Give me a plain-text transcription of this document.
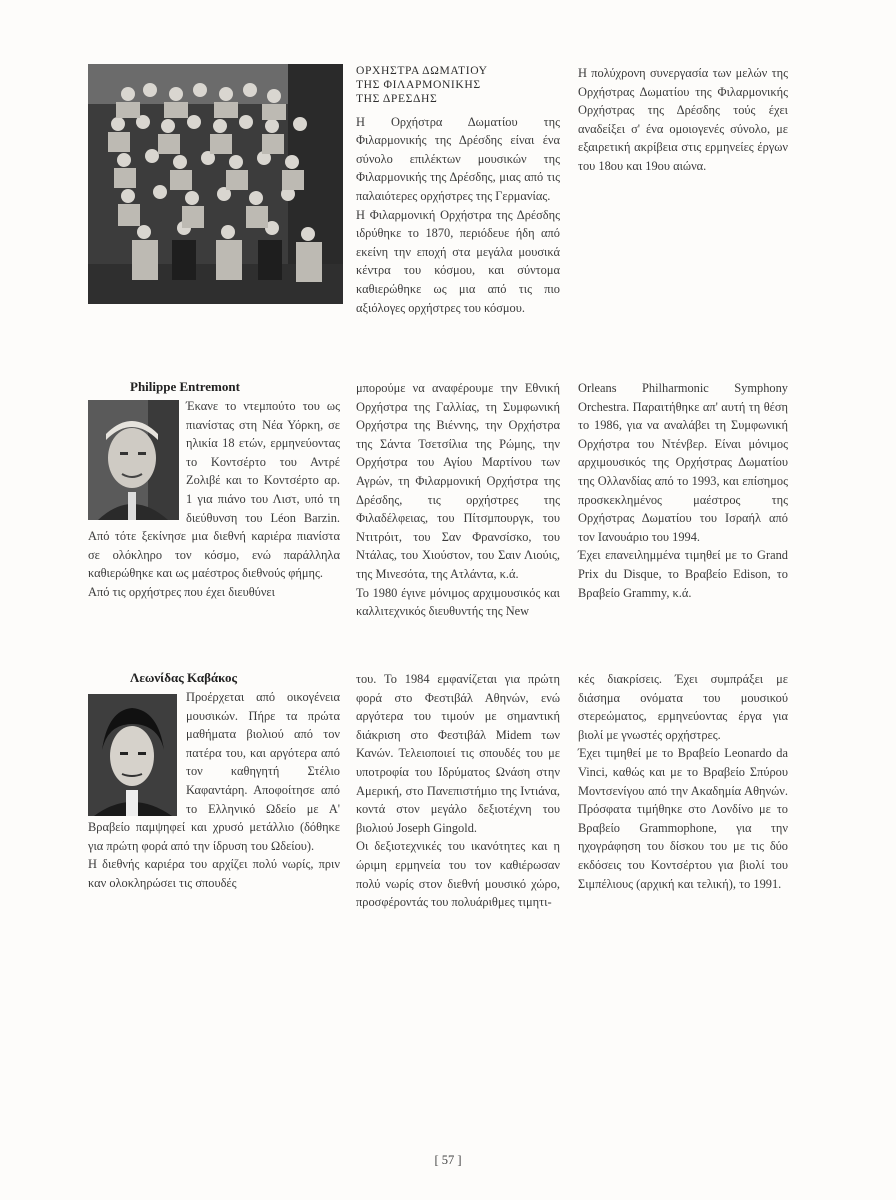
ΟΡΧΗΣΤΡΑ ΔΩΜΑΤΙΟΥ
ΤΗΣ ΦΙΛΑΡΜΟΝΙΚΗΣ
ΤΗΣ ΔΡΕΣΔΗΣ

Η Ορχήστρα Δωματίου της Φιλαρμονικής της Δρέσδης είναι ένα σύνολο επιλέκτων μουσικών της Φιλαρμονικής της Δρέσδης, μιας από τις παλαιότερες ορχήστρες της Γερμανίας.

Η Φιλαρμονική Ορχήστρα της Δρέσδης ιδρύθηκε το 1870, περιόδευε ήδη από εκείνη την εποχή στα μεγάλα μουσικά κέντρα του κόσμου, και σύντομα καθιερώθηκε ως μια από τις πιο αξιόλογες ορχήστρες του κόσμου.

Η πολύχρονη συνεργασία των μελών της Ορχήστρας Δωματίου της Φιλαρμονικής Ορχήστρας της Δρέσδης τούς έχει αναδείξει σ' ένα ομοιογενές σύνολο, με εξαιρετική ακρίβεια στις ερμηνείες έργων του 18ου και 19ου αιώνα.

Philippe Entremont

Έκανε το ντεμπούτο του ως πιανίστας στη Νέα Υόρκη, σε ηλικία 18 ετών, ερμηνεύοντας το Κοντσέρτο του Αντρέ Ζολιβέ και το Κοντσέρτο αρ. 1 για πιάνο του Λιστ, υπό τη διεύθυνση του Léon Barzin. Από τότε ξεκίνησε μια διεθνή καριέρα πιανίστα σε ολόκληρο τον κόσμο, ενώ παράλληλα καθιερώθηκε και ως μαέστρος διεθνούς φήμης.

Από τις ορχήστρες που έχει διευθύνει

μπορούμε να αναφέρουμε την Εθνική Ορχήστρα της Γαλλίας, τη Συμφωνική Ορχήστρα της Βιέννης, την Ορχήστρα της Σάντα Τσετσίλια της Ρώμης, την Ορχήστρα του Αγίου Μαρτίνου των Αγρών, τη Φιλαρμονική Ορχήστρα της Δρέσδης, τις ορχήστρες της Φιλαδέλφειας, του Πίτσμπουργκ, του Ντιτρόιτ, του Σαν Φρανσίσκο, του Ντάλας, του Χιούστον, του Σαιν Λιούις, της Μινεσότα, της Ατλάντα, κ.ά.

Το 1980 έγινε μόνιμος αρχιμουσικός και καλλιτεχνικός διευθυντής της New

Orleans Philharmonic Symphony Orchestra. Παραιτήθηκε απ' αυτή τη θέση το 1986, για να αναλάβει τη Συμφωνική Ορχήστρα του Ντένβερ. Είναι μόνιμος αρχιμουσικός της Ορχήστρας Δωματίου της Ολλανδίας από το 1993, και επίσημος προσκεκλημένος μαέστρος της Ορχήστρας Δωματίου του Ισραήλ από τον Ιανουάριο του 1994.

Έχει επανειλημμένα τιμηθεί με το Grand Prix du Disque, το Βραβείο Edison, το Βραβείο Grammy, κ.ά.

Λεωνίδας Καβάκος

Προέρχεται από οικογένεια μουσικών. Πήρε τα πρώτα μαθήματα βιολιού από τον πατέρα του, και αργότερα από τον καθηγητή Στέλιο Καφαντάρη. Αποφοίτησε από το Ελληνικό Ωδείο με Α' Βραβείο παμψηφεί και χρυσό μετάλλιο (δόθηκε για πρώτη φορά από την ίδρυση του Ωδείου).

Η διεθνής καριέρα του αρχίζει πολύ νωρίς, πριν καν ολοκληρώσει τις σπουδές

του. Το 1984 εμφανίζεται για πρώτη φορά στο Φεστιβάλ Αθηνών, ενώ αργότερα του τιμούν με σημαντική διάκριση στο Φεστιβάλ Midem των Κανών. Τελειοποιεί τις σπουδές του με υποτροφία του Ιδρύματος Ωνάση στην Αμερική, στο Πανεπιστήμιο της Ιντιάνα, κοντά στον μεγάλο δεξιοτέχνη του βιολιού Joseph Gingold.

Οι δεξιοτεχνικές του ικανότητες και η ώριμη ερμηνεία του τον καθιέρωσαν πολύ νωρίς στον διεθνή μουσικό χώρο, προσφέροντάς του πολυάριθμες τιμητι-

κές διακρίσεις. Έχει συμπράξει με διάσημα ονόματα του μουσικού στερεώματος, ερμηνεύοντας έργα για βιολί με γνωστές ορχήστρες.

Έχει τιμηθεί με το Βραβείο Leonardo da Vinci, καθώς και με το Βραβείο Σπύρου Μοντσενίγου από την Ακαδημία Αθηνών. Πρόσφατα τιμήθηκε στο Λονδίνο με το Βραβείο Grammophone, για την ηχογράφηση του δίσκου του με τις δύο εκδόσεις του Κοντσέρτου για βιολί του Σιμπέλιους (αρχική και τελική), το 1991.

[ 57 ]
